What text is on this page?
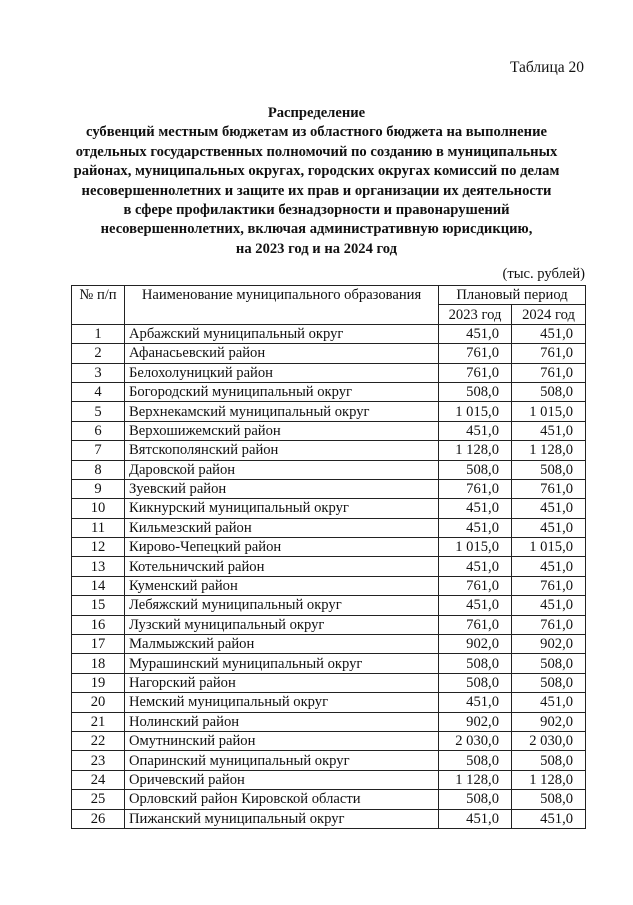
Таблица 20
Распределение
субвенций местным бюджетам из областного бюджета на выполнение
отдельных государственных полномочий по созданию в муниципальных
районах, муниципальных округах, городских округах комиссий по делам
несовершеннолетних и защите их прав и организации их деятельности
в сфере профилактики безнадзорности и правонарушений
несовершеннолетних, включая административную юрисдикцию,
на 2023 год и на 2024 год
(тыс. рублей)
№ п/п	Наименование муниципального образования	Плановый период	
		2023 год	2024 год
1	Арбажский муниципальный округ	451,0	451,0
2	Афанасьевский район	761,0	761,0
3	Белохолуницкий район	761,0	761,0
4	Богородский муниципальный округ	508,0	508,0
5	Верхнекамский муниципальный округ	1 015,0	1 015,0
6	Верхошижемский район	451,0	451,0
7	Вятскополянский район	1 128,0	1 128,0
8	Даровской район	508,0	508,0
9	Зуевский район	761,0	761,0
10	Кикнурский муниципальный округ	451,0	451,0
11	Кильмезский район	451,0	451,0
12	Кирово-Чепецкий район	1 015,0	1 015,0
13	Котельничский район	451,0	451,0
14	Куменский район	761,0	761,0
15	Лебяжский муниципальный округ	451,0	451,0
16	Лузский муниципальный округ	761,0	761,0
17	Малмыжский район	902,0	902,0
18	Мурашинский муниципальный округ	508,0	508,0
19	Нагорский район	508,0	508,0
20	Немский муниципальный округ	451,0	451,0
21	Нолинский район	902,0	902,0
22	Омутнинский район	2 030,0	2 030,0
23	Опаринский муниципальный округ	508,0	508,0
24	Оричевский район	1 128,0	1 128,0
25	Орловский район Кировской области	508,0	508,0
26	Пижанский муниципальный округ	451,0	451,0
